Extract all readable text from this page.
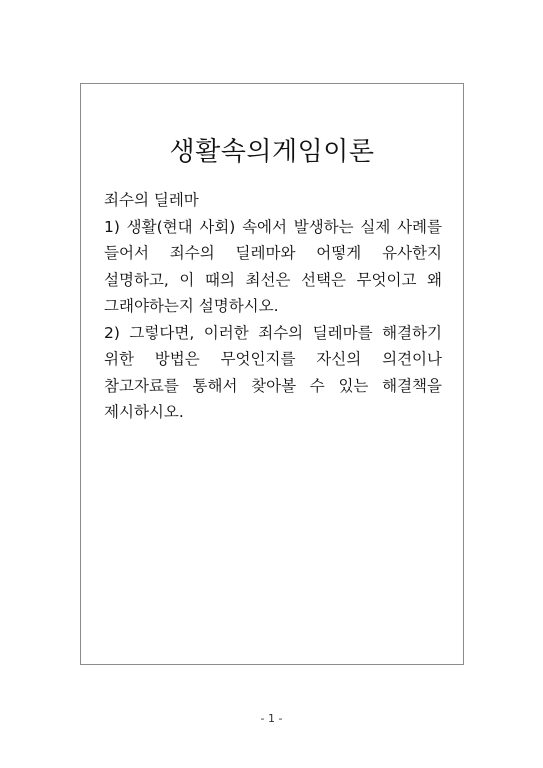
생활속의게임이론

죄수의 딜레마

1) 생활(현대 사회) 속에서 발생하는 실제 사례를 들어서 죄수의 딜레마와 어떻게 유사한지 설명하고, 이 때의 최선은 선택은 무엇이고 왜 그래야하는지 설명하시오.

2) 그렇다면, 이러한 죄수의 딜레마를 해결하기 위한 방법은 무엇인지를 자신의 의견이나 참고자료를 통해서 찾아볼 수 있는 해결책을 제시하시오.

- 1 -
